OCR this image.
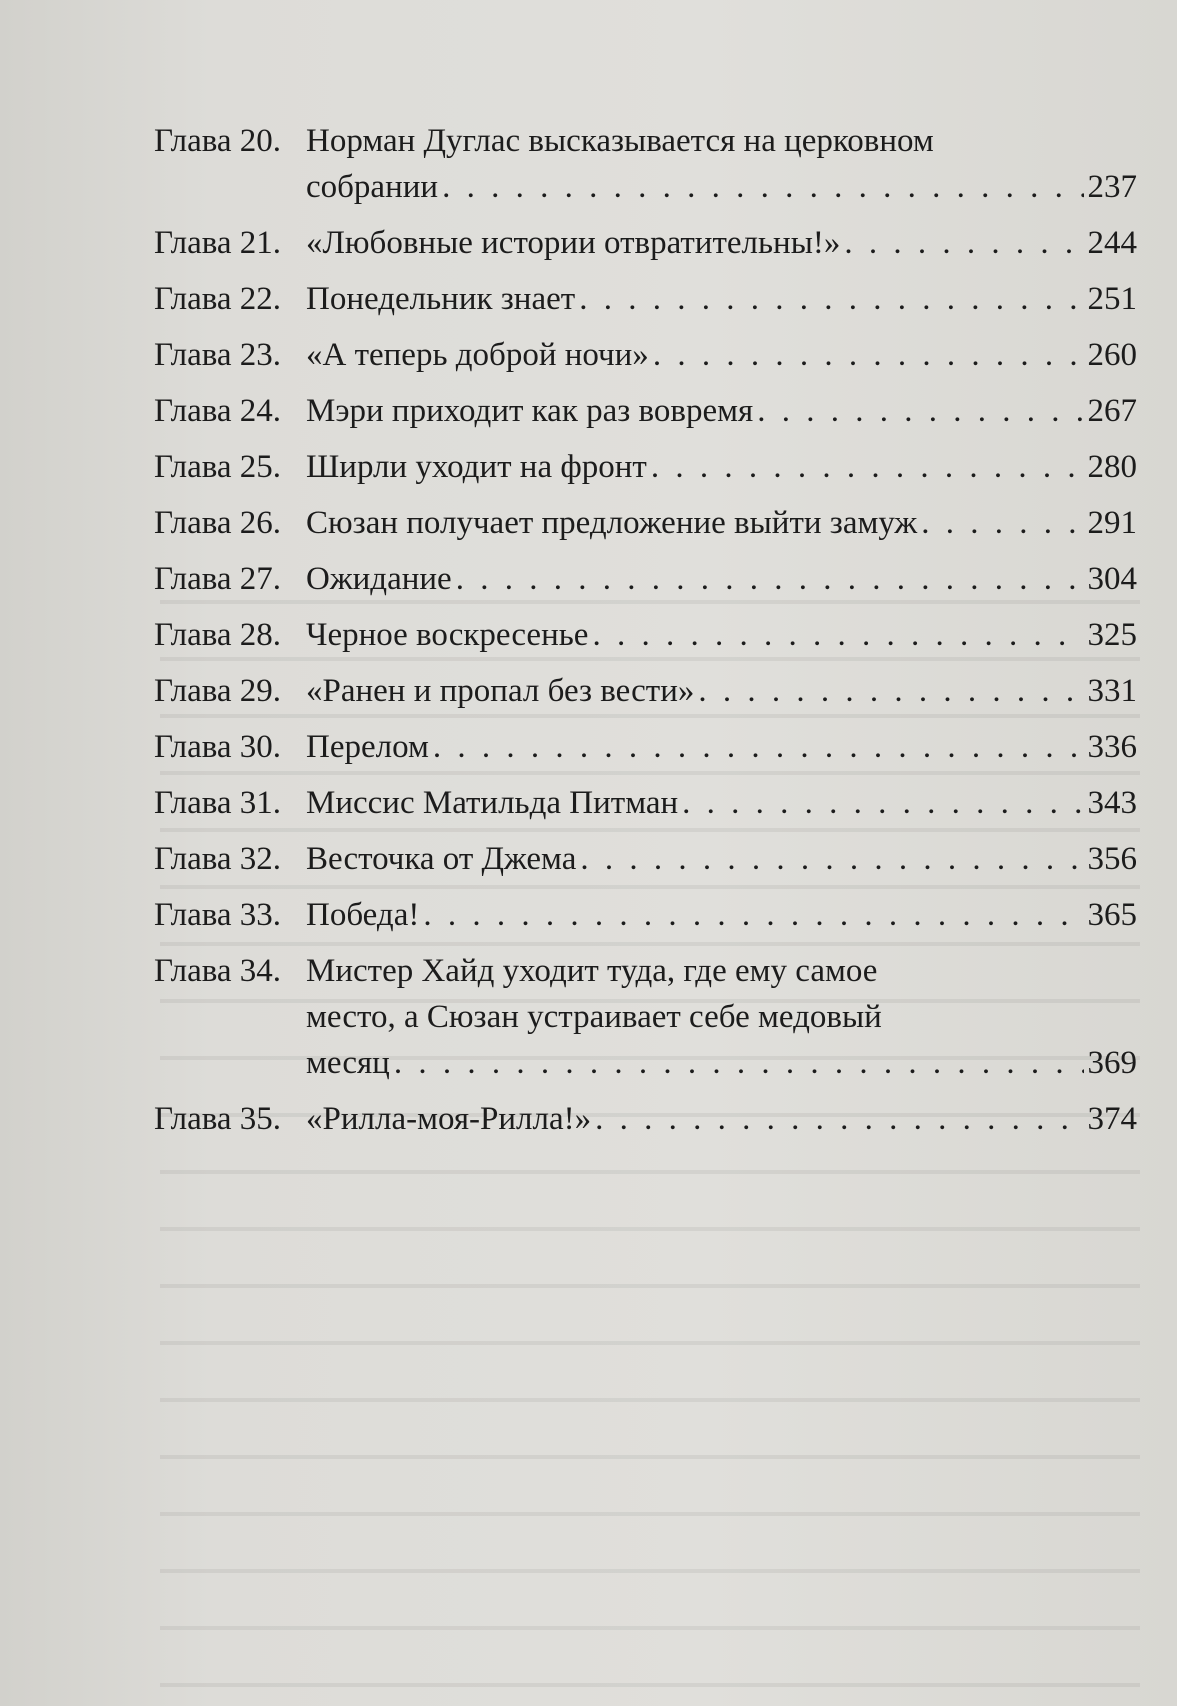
Глава 20. Норман Дуглас высказывается на церковном
собрании . . .	237
Глава 21. «Любовные истории отвратительны!» . . .	244
Глава 22. Понедельник знает . . .	251
Глава 23. «А теперь доброй ночи» . . .	260
Глава 24. Мэри приходит как раз вовремя . . .	267
Глава 25. Ширли уходит на фронт . . .	280
Глава 26. Сюзан получает предложение выйти замуж . . .	291
Глава 27. Ожидание . . .	304
Глава 28. Черное воскресенье . . .	325
Глава 29. «Ранен и пропал без вести» . . .	331
Глава 30. Перелом . . .	336
Глава 31. Миссис Матильда Питман . . .	343
Глава 32. Весточка от Джема . . .	356
Глава 33. Победа! . . .	365
Глава 34. Мистер Хайд уходит туда, где ему самое
место, а Сюзан устраивает себе медовый
месяц . . .	369
Глава 35. «Рилла-моя-Рилла!» . . .	374
